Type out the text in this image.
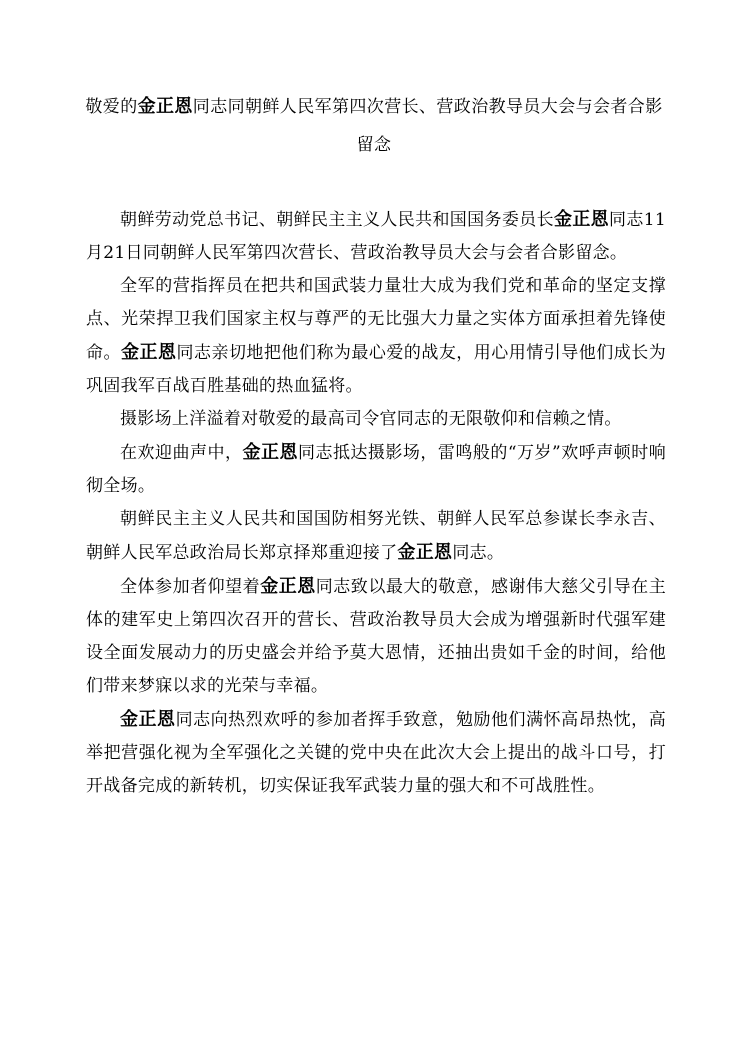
敬爱的金正恩同志同朝鲜人民军第四次营长、营政治教导员大会与会者合影留念

朝鲜劳动党总书记、朝鲜民主主义人民共和国国务委员长金正恩同志11月21日同朝鲜人民军第四次营长、营政治教导员大会与会者合影留念。

全军的营指挥员在把共和国武装力量壮大成为我们党和革命的坚定支撑点、光荣捍卫我们国家主权与尊严的无比强大力量之实体方面承担着先锋使命。金正恩同志亲切地把他们称为最心爱的战友，用心用情引导他们成长为巩固我军百战百胜基础的热血猛将。

摄影场上洋溢着对敬爱的最高司令官同志的无限敬仰和信赖之情。

在欢迎曲声中，金正恩同志抵达摄影场，雷鸣般的“万岁”欢呼声顿时响彻全场。

朝鲜民主主义人民共和国国防相努光铁、朝鲜人民军总参谋长李永吉、朝鲜人民军总政治局长郑京择郑重迎接了金正恩同志。

全体参加者仰望着金正恩同志致以最大的敬意，感谢伟大慈父引导在主体的建军史上第四次召开的营长、营政治教导员大会成为增强新时代强军建设全面发展动力的历史盛会并给予莫大恩情，还抽出贵如千金的时间，给他们带来梦寐以求的光荣与幸福。

金正恩同志向热烈欢呼的参加者挥手致意，勉励他们满怀高昂热忱，高举把营强化视为全军强化之关键的党中央在此次大会上提出的战斗口号，打开战备完成的新转机，切实保证我军武装力量的强大和不可战胜性。
